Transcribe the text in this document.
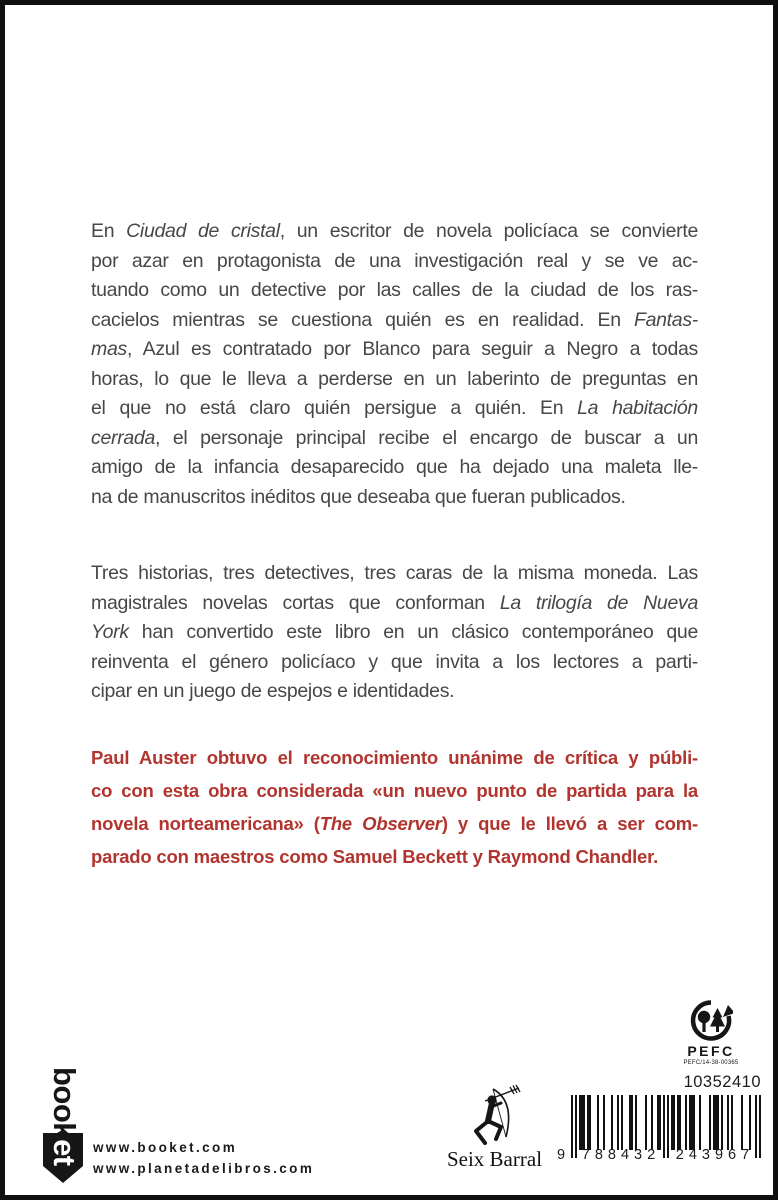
En Ciudad de cristal, un escritor de novela policíaca se convierte
por azar en protagonista de una investigación real y se ve ac-
tuando como un detective por las calles de la ciudad de los ras-
cacielos mientras se cuestiona quién es en realidad. En Fantas-
mas, Azul es contratado por Blanco para seguir a Negro a todas
horas, lo que le lleva a perderse en un laberinto de preguntas en
el que no está claro quién persigue a quién. En La habitación
cerrada, el personaje principal recibe el encargo de buscar a un
amigo de la infancia desaparecido que ha dejado una maleta lle-
na de manuscritos inéditos que deseaba que fueran publicados.
Tres historias, tres detectives, tres caras de la misma moneda. Las
magistrales novelas cortas que conforman La trilogía de Nueva
York han convertido este libro en un clásico contemporáneo que
reinventa el género policíaco y que invita a los lectores a parti-
cipar en un juego de espejos e identidades.
Paul Auster obtuvo el reconocimiento unánime de crítica y públi-
co con esta obra considerada «un nuevo punto de partida para la
novela norteamericana» (The Observer) y que le llevó a ser com-
parado con maestros como Samuel Beckett y Raymond Chandler.
PEFC
PEFC/14-38-00365
booket www.booket.com
www.planetadelibros.com	Seix Barral
10352410
9 788432 243967
